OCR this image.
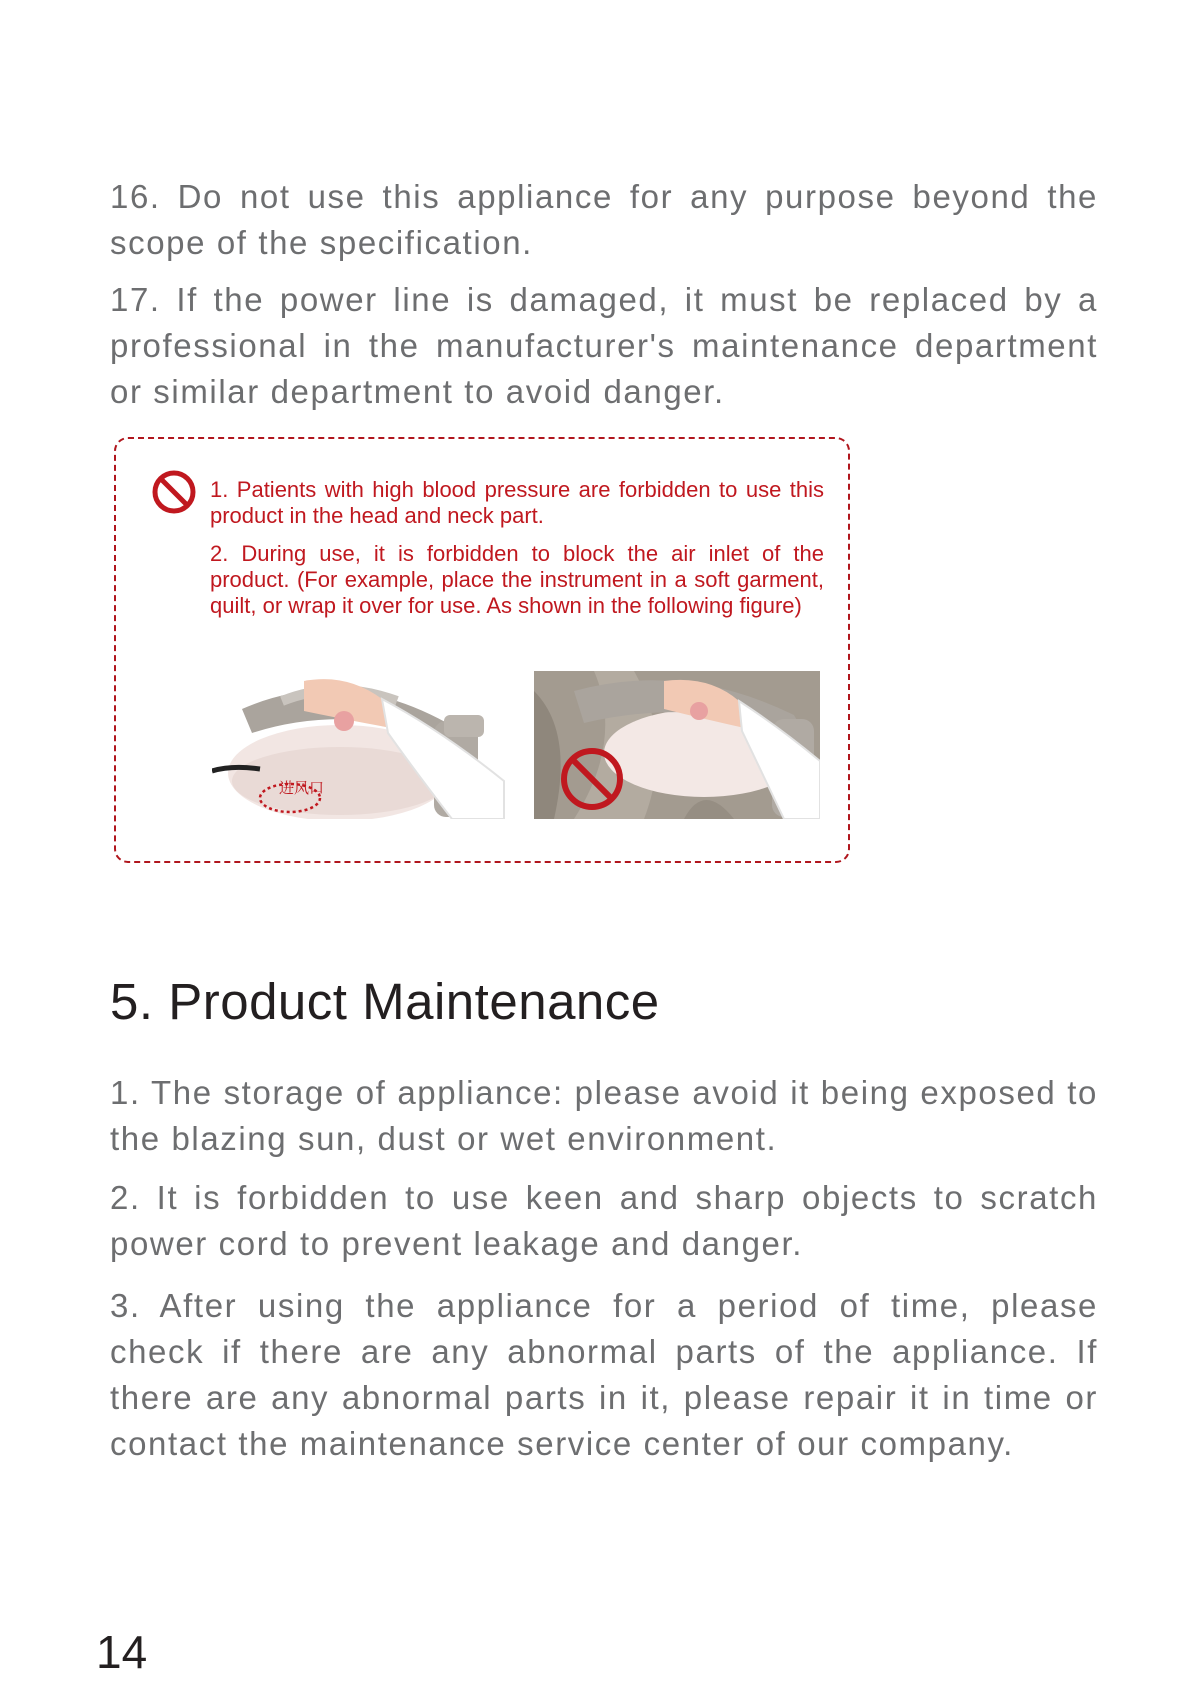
16. Do not use this appliance for any purpose beyond the scope of the specification.

17. If the power line is damaged, it must be replaced by a professional in the manufacturer's maintenance department or similar department to avoid danger.

1. Patients with high blood pressure are forbidden to use this product in the head and neck part.

2. During use, it is forbidden to block the air inlet of the product. (For example, place the instrument in a soft garment, quilt, or wrap it over for use. As shown in the following figure)

进风口
5. Product Maintenance

1. The storage of appliance: please avoid it being exposed to the blazing sun, dust or wet environment.

2. It is forbidden to use keen and sharp objects to scratch power cord to prevent leakage and danger.

3. After using the appliance for a period of time, please check if there are any abnormal parts of the appliance. If there are any abnormal parts in it, please repair it in time or contact the maintenance service center of our company.

14
